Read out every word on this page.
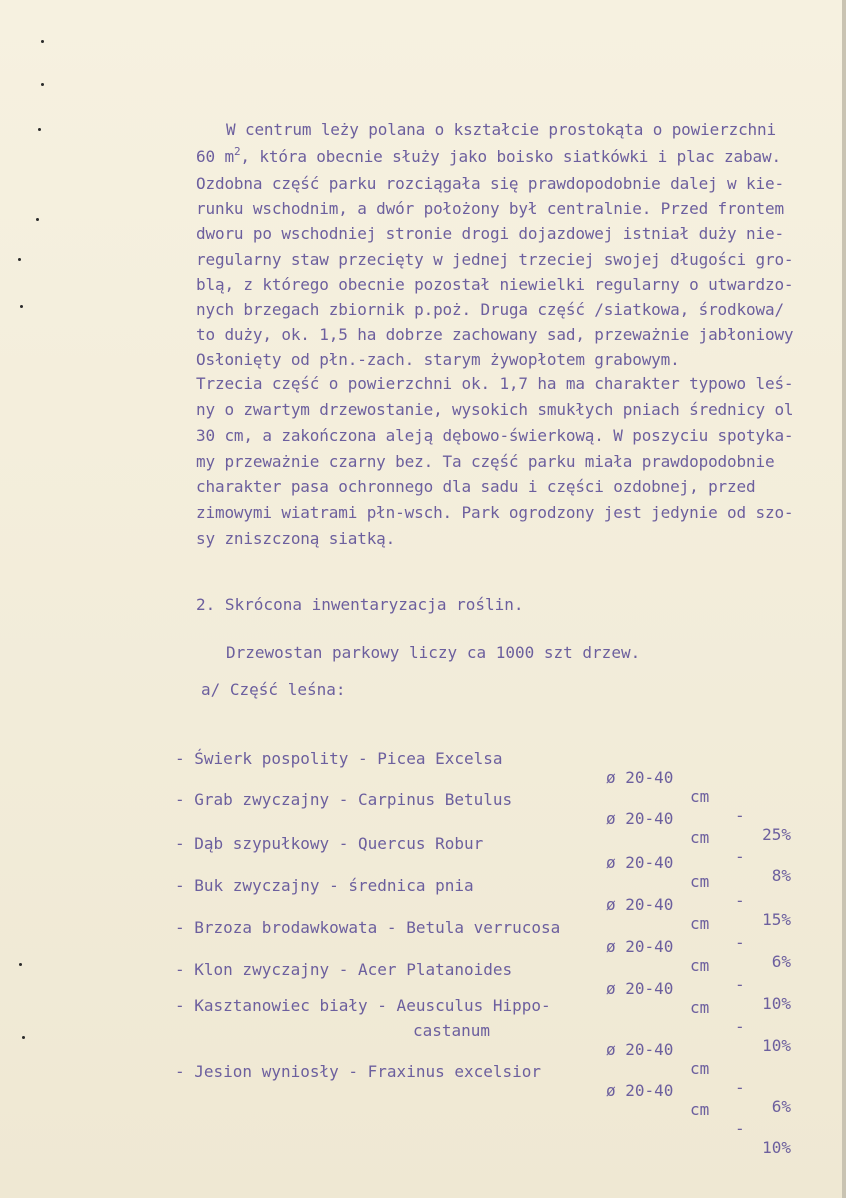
W centrum leży polana o kształcie prostokąta o powierzchni
60 $m^2$, która obecnie służy jako boisko siatkówki i plac zabaw.
Ozdobna część parku rozciągała się prawdopodobnie dalej w kie-
runku wschodnim, a dwór położony był centralnie. Przed frontem
dworu po wschodniej stronie drogi dojazdowej istniał duży nie-
regularny staw przecięty w jednej trzeciej swojej długości gro-
blą, z którego obecnie pozostał niewielki regularny o utwardzo-
nych brzegach zbiornik p.poż. Druga część /siatkowa, środkowa/
to duży, ok. 1,5 ha dobrze zachowany sad, przeważnie jabłoniowy
Osłonięty od płn.-zach. starym żywopłotem grabowym.
Trzecia część o powierzchni ok. 1,7 ha ma charakter typowo leś-
ny o zwartym drzewostanie, wysokich smukłych pniach średnicy ol
30 cm, a zakończona aleją dębowo-świerkową. W poszyciu spotyka-
my przeważnie czarny bez. Ta część parku miała prawdopodobnie
charakter pasa ochronnego dla sadu i części ozdobnej, przed
zimowymi wiatrami płn-wsch. Park ogrodzony jest jedynie od szo-
sy zniszczoną siatką.
2. Skrócona inwentaryzacja roślin.
Drzewostan parkowy liczy ca 1000 szt drzew.
a/ Część leśna:

- Świerk pospolity - Picea Excelsa

ø 20-40

cm

-

25%

- Grab zwyczajny - Carpinus Betulus

ø 20-40

cm

-

8%

- Dąb szypułkowy - Quercus Robur

ø 20-40

cm

-

15%

- Buk zwyczajny - średnica pnia

ø 20-40

cm

-

6%

- Brzoza brodawkowata - Betula verrucosa

ø 20-40

cm

-

10%

- Klon zwyczajny - Acer Platanoides

ø 20-40

cm

-

10%

- Kasztanowiec biały - Aeusculus Hippo-

castanum

ø 20-40

cm

-

6%

- Jesion wyniosły - Fraxinus excelsior

ø 20-40

cm

-

10%
